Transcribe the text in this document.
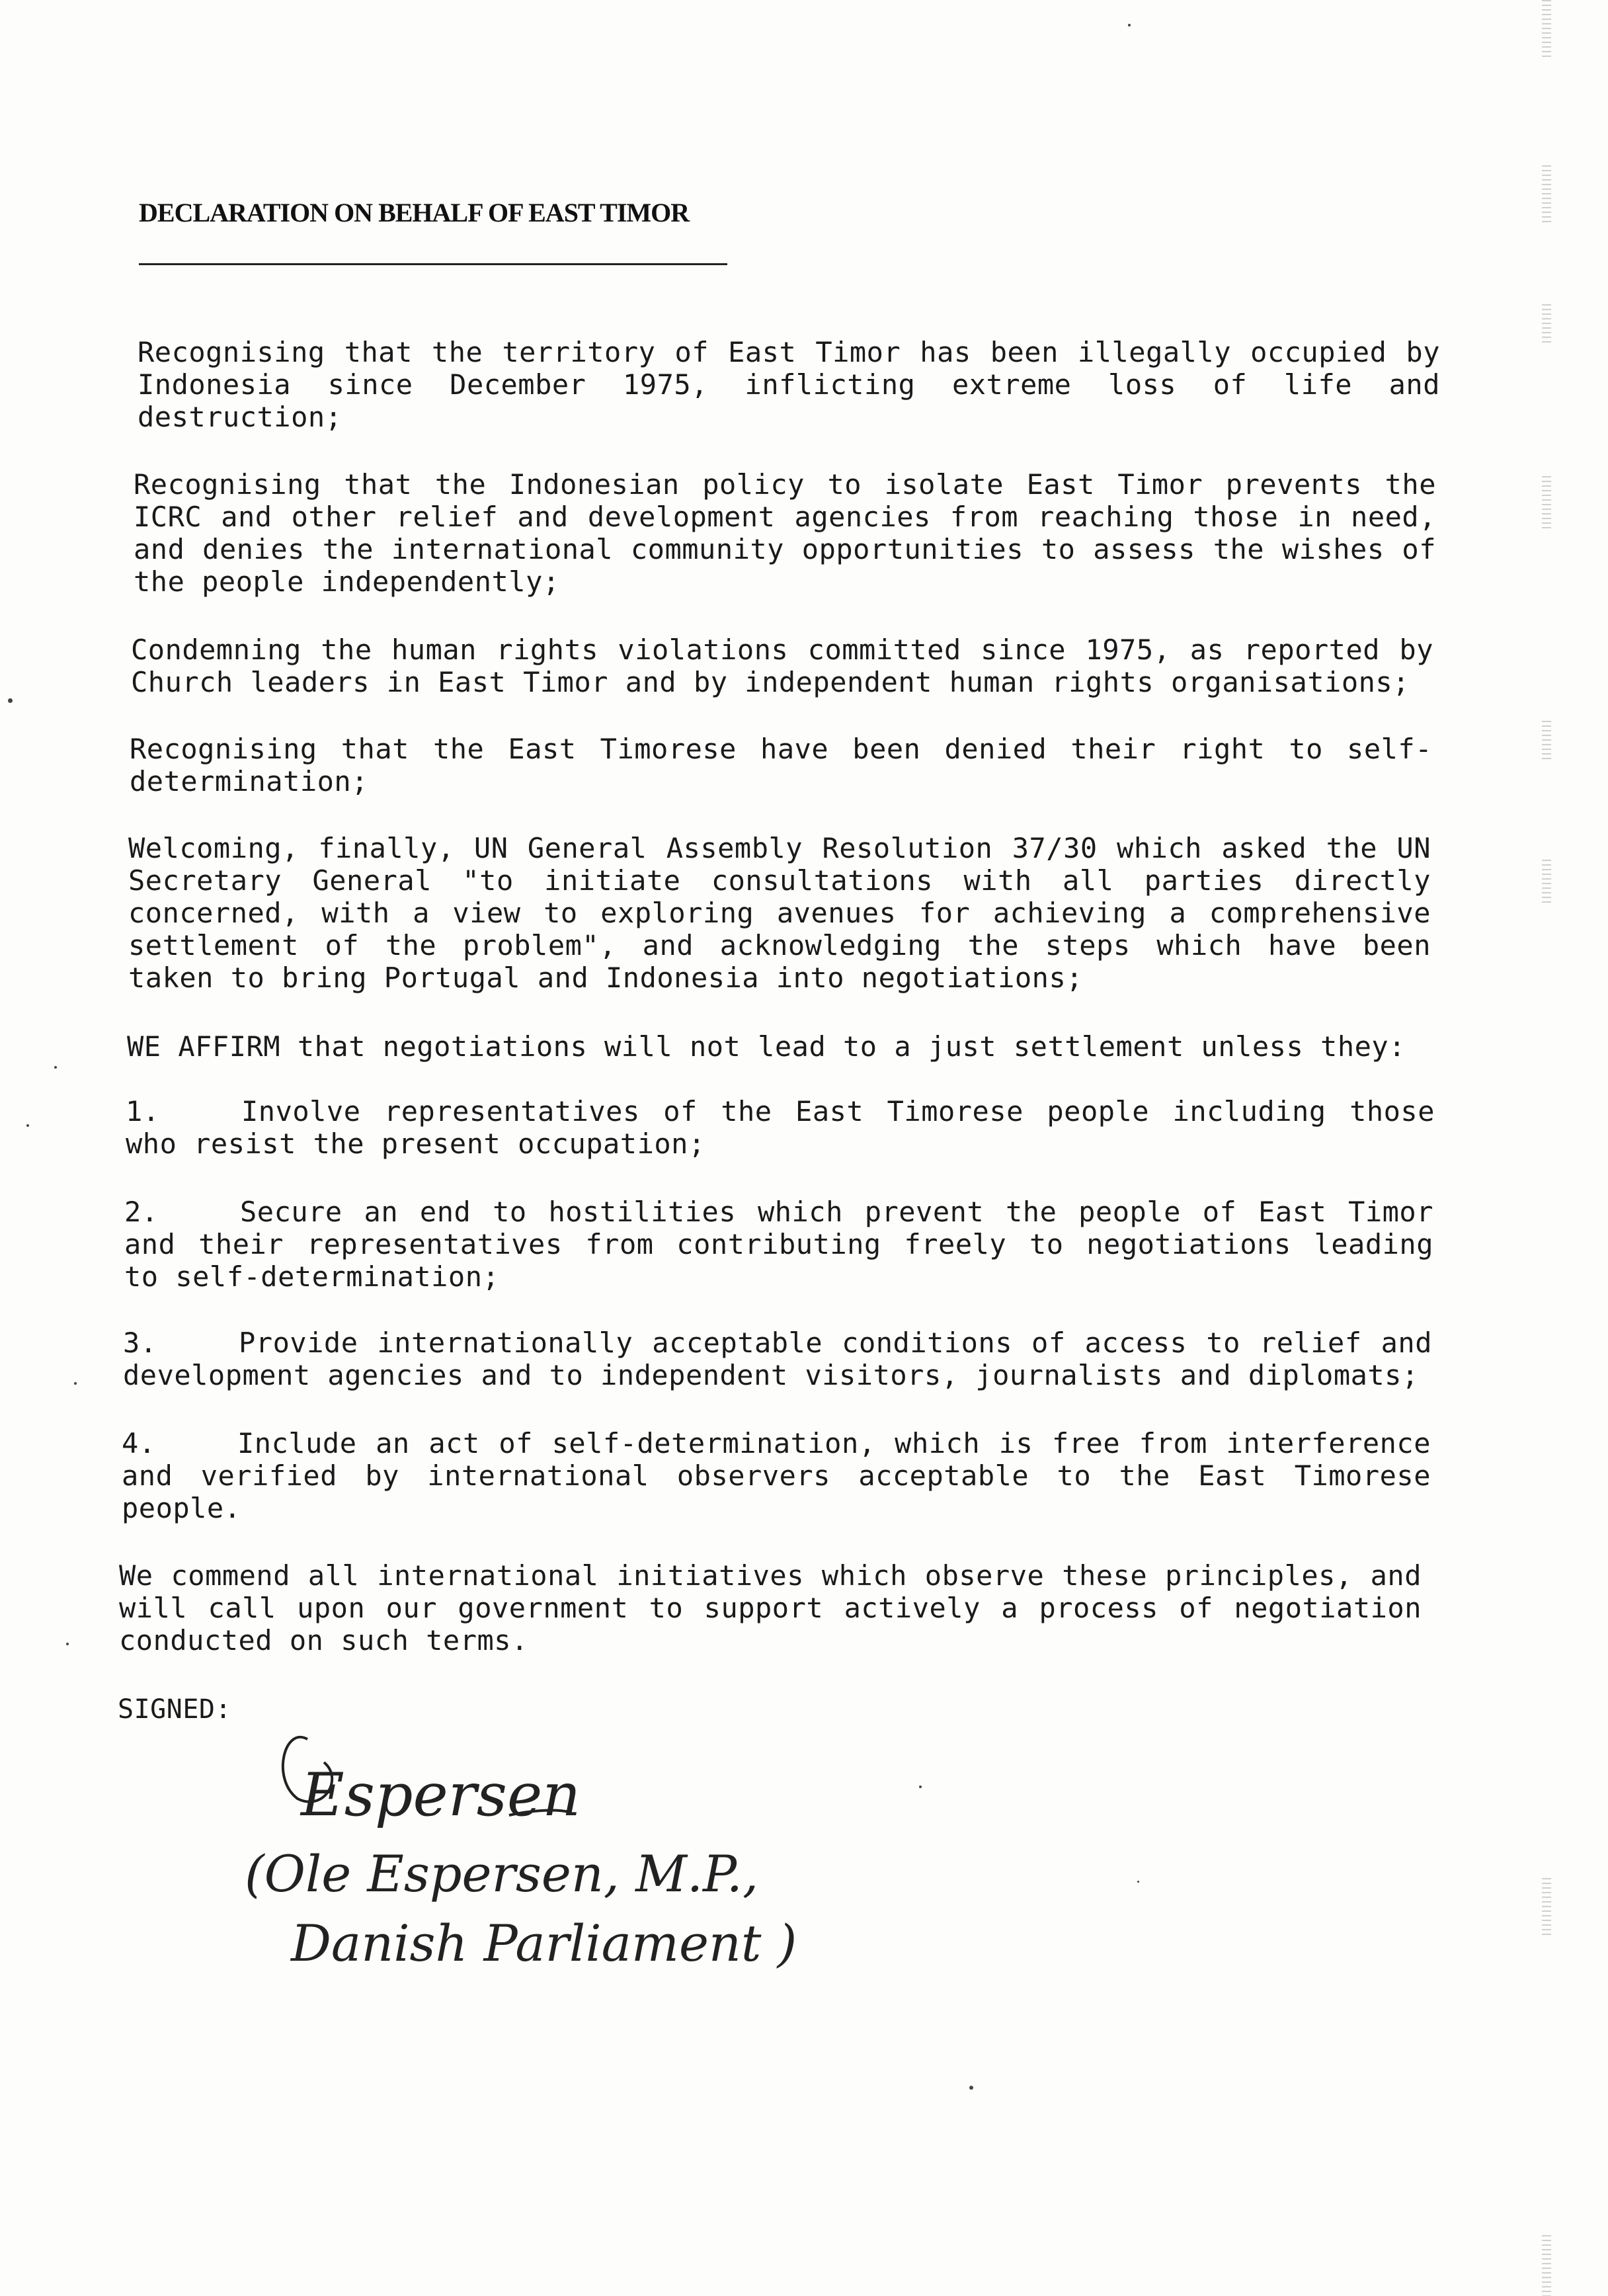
DECLARATION ON BEHALF OF EAST TIMOR
Recognising that the territory of East Timor has been illegally occupied by Indonesia since December 1975, inflicting extreme loss of life and destruction;
Recognising that the Indonesian policy to isolate East Timor prevents the ICRC and other relief and development agencies from reaching those in need, and denies the international community opportunities to assess the wishes of the people independently;
Condemning the human rights violations committed since 1975, as reported by Church leaders in East Timor and by independent human rights organisations;
Recognising that the East Timorese have been denied their right to self-determination;
Welcoming, finally, UN General Assembly Resolution 37/30 which asked the UN Secretary General "to initiate consultations with all parties directly concerned, with a view to exploring avenues for achieving a comprehensive settlement of the problem", and acknowledging the steps which have been taken to bring Portugal and Indonesia into negotiations;
WE AFFIRM that negotiations will not lead to a just settlement unless they:
1.	Involve representatives of the East Timorese people including those who resist the present occupation;
2.	Secure an end to hostilities which prevent the people of East Timor and their representatives from contributing freely to negotiations leading to self-determination;
3.	Provide internationally acceptable conditions of access to relief and development agencies and to independent visitors, journalists and diplomats;
4.	Include an act of self-determination, which is free from interference and verified by international observers acceptable to the East Timorese people.
We commend all international initiatives which observe these principles, and will call upon our government to support actively a process of negotiation conducted on such terms.
SIGNED:
Espersen
(Ole Espersen, M.P.,
Danish Parliament )
